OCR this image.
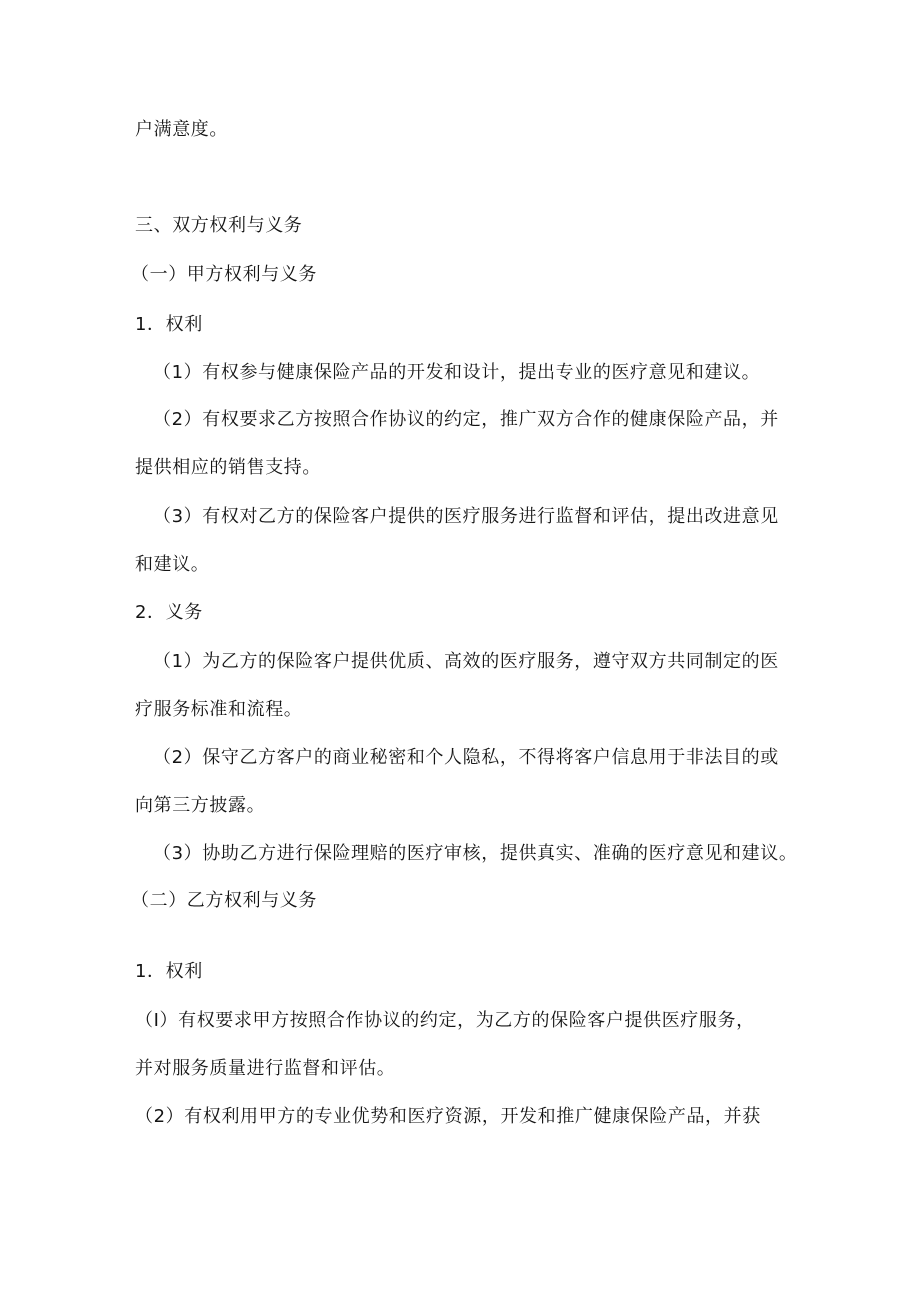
户满意度。
三、双方权利与义务
（一）甲方权利与义务
1．权利
（1）有权参与健康保险产品的开发和设计，提出专业的医疗意见和建议。
（2）有权要求乙方按照合作协议的约定，推广双方合作的健康保险产品，并
提供相应的销售支持。
（3）有权对乙方的保险客户提供的医疗服务进行监督和评估，提出改进意见
和建议。
2．义务
（1）为乙方的保险客户提供优质、高效的医疗服务，遵守双方共同制定的医
疗服务标准和流程。
（2）保守乙方客户的商业秘密和个人隐私，不得将客户信息用于非法目的或
向第三方披露。
（3）协助乙方进行保险理赔的医疗审核，提供真实、准确的医疗意见和建议。
（二）乙方权利与义务
1．权利
（I）有权要求甲方按照合作协议的约定，为乙方的保险客户提供医疗服务，
并对服务质量进行监督和评估。
（2）有权利用甲方的专业优势和医疗资源，开发和推广健康保险产品，并获
